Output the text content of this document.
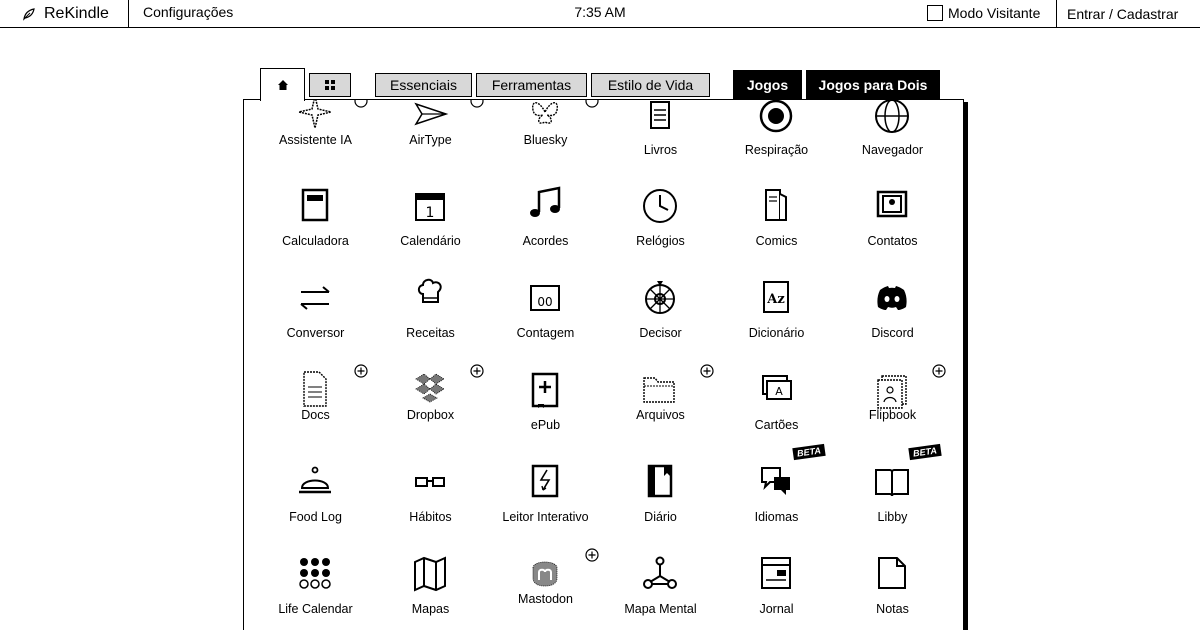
ReKindle Configurações	7:35 AM	Modo Visitante	Entrar / Cadastrar
Essenciais Ferramentas	Estilo de Vida	Jogos Jogos para Dois
Assistente IA	AirType	Bluesky
Livros	Respiração	Navegador
Calculadora
1
Calendário	Acordes	Relógios	Comics	Contatos
Conversor	Receitas
00
Contagem	Decisor
Az
Dicionário	Discord
Docs	Dropbox
ePub
Arquivos
A
Cartões
Flipbook
Food Log	Hábitos	Leitor Interativo	Diário
BETA
Idiomas
BETA
Libby
Life Calendar	Mapas
Mastodon
Mapa Mental	Jornal	Notas
